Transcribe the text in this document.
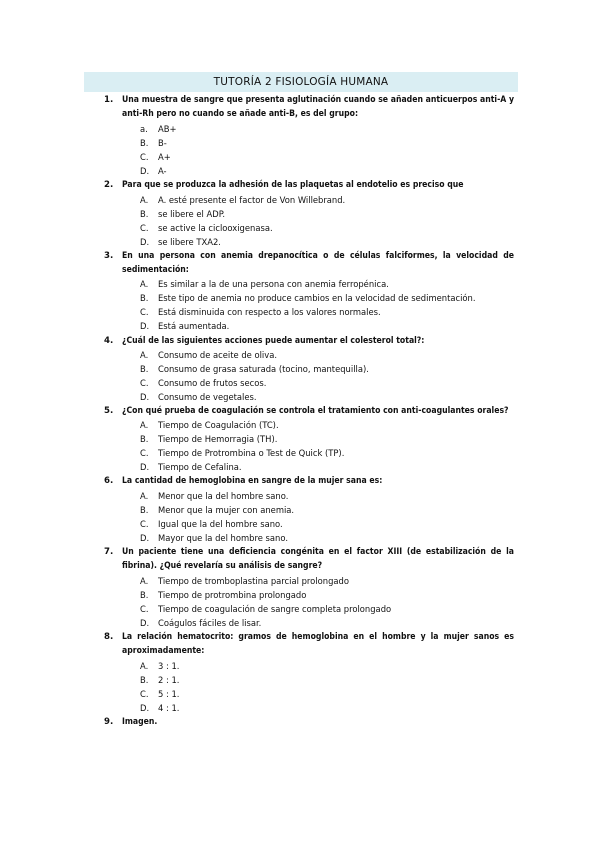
TUTORÍA 2 FISIOLOGÍA HUMANA
1. Una muestra de sangre que presenta aglutinación cuando se añaden anticuerpos anti-A y anti-Rh pero no cuando se añade anti-B, es del grupo:
a. AB+
B. B-
C. A+
D. A-
2. Para que se produzca la adhesión de las plaquetas al endotelio es preciso que
A. A. esté presente el factor de Von Willebrand.
B. se libere el ADP.
C. se active la ciclooxigenasa.
D. se libere TXA2.
3. En una persona con anemia drepanocítica o de células falciformes, la velocidad de sedimentación:
A. Es similar a la de una persona con anemia ferropénica.
B. Este tipo de anemia no produce cambios en la velocidad de sedimentación.
C. Está disminuida con respecto a los valores normales.
D. Está aumentada.
4. ¿Cuál de las siguientes acciones puede aumentar el colesterol total?:
A. Consumo de aceite de oliva.
B. Consumo de grasa saturada (tocino, mantequilla).
C. Consumo de frutos secos.
D. Consumo de vegetales.
5. ¿Con qué prueba de coagulación se controla el tratamiento con anti-coagulantes orales?
A. Tiempo de Coagulación (TC).
B. Tiempo de Hemorragia (TH).
C. Tiempo de Protrombina o Test de Quick (TP).
D. Tiempo de Cefalina.
6. La cantidad de hemoglobina en sangre de la mujer sana es:
A. Menor que la del hombre sano.
B. Menor que la mujer con anemia.
C. Igual que la del hombre sano.
D. Mayor que la del hombre sano.
7. Un paciente tiene una deficiencia congénita en el factor XIII (de estabilización de la fibrina). ¿Qué revelaría su análisis de sangre?
A. Tiempo de tromboplastina parcial prolongado
B. Tiempo de protrombina prolongado
C. Tiempo de coagulación de sangre completa prolongado
D. Coágulos fáciles de lisar.
8. La relación hematocrito: gramos de hemoglobina en el hombre y la mujer sanos es aproximadamente:
A. 3 : 1.
B. 2 : 1.
C. 5 : 1.
D. 4 : 1.
9. Imagen.
